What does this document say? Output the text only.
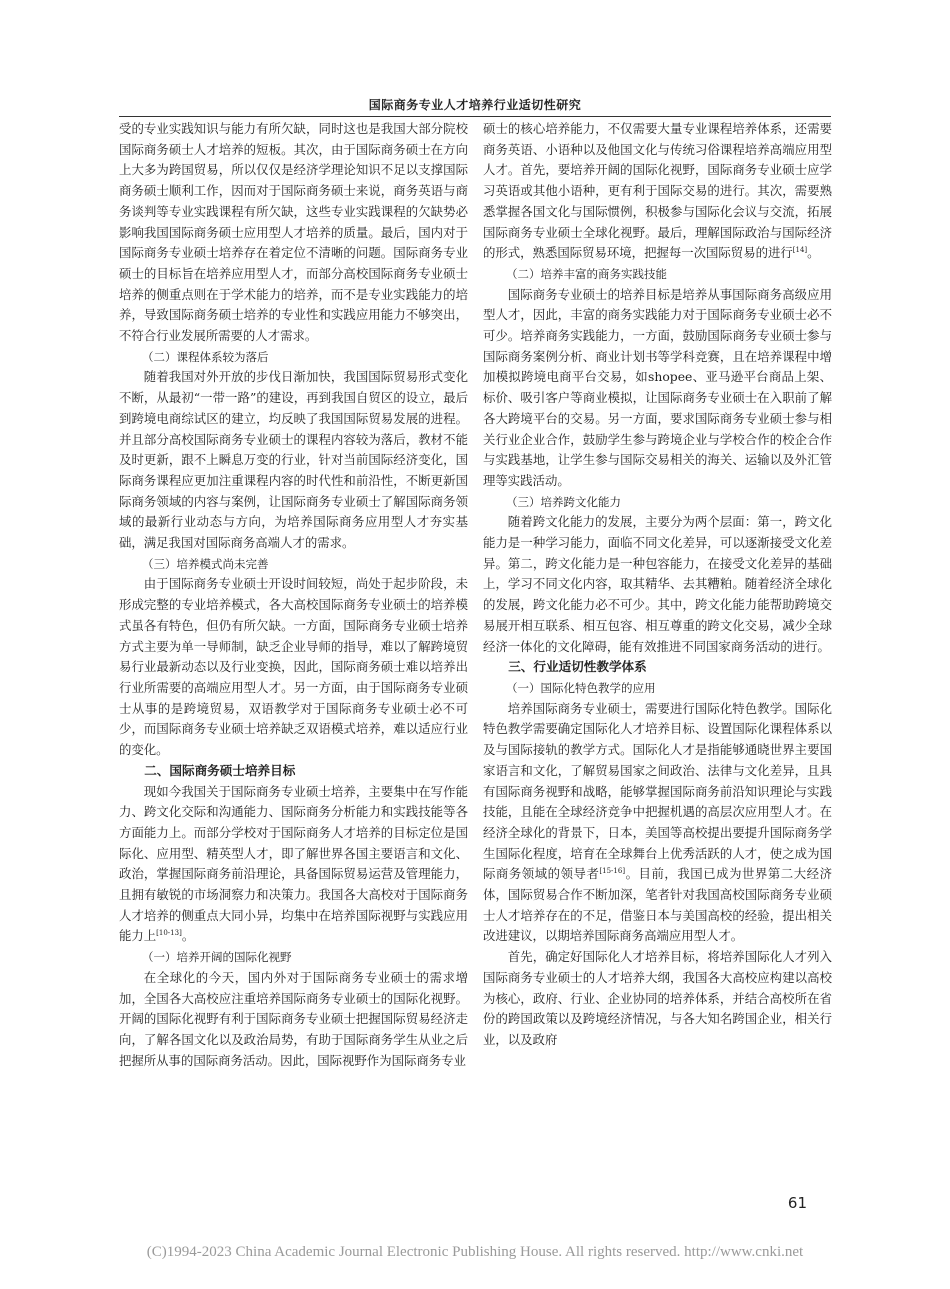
国际商务专业人才培养行业适切性研究

受的专业实践知识与能力有所欠缺，同时这也是我国大部分院校国际商务硕士人才培养的短板。其次，由于国际商务硕士在方向上大多为跨国贸易，所以仅仅是经济学理论知识不足以支撑国际商务硕士顺利工作，因而对于国际商务硕士来说，商务英语与商务谈判等专业实践课程有所欠缺，这些专业实践课程的欠缺势必影响我国国际商务硕士应用型人才培养的质量。最后，国内对于国际商务专业硕士培养存在着定位不清晰的问题。国际商务专业硕士的目标旨在培养应用型人才，而部分高校国际商务专业硕士培养的侧重点则在于学术能力的培养，而不是专业实践能力的培养，导致国际商务硕士培养的专业性和实践应用能力不够突出，不符合行业发展所需要的人才需求。

（二）课程体系较为落后

随着我国对外开放的步伐日渐加快，我国国际贸易形式变化不断，从最初“一带一路”的建设，再到我国自贸区的设立，最后到跨境电商综试区的建立，均反映了我国国际贸易发展的进程。并且部分高校国际商务专业硕士的课程内容较为落后，教材不能及时更新，跟不上瞬息万变的行业，针对当前国际经济变化，国际商务课程应更加注重课程内容的时代性和前沿性，不断更新国际商务领域的内容与案例，让国际商务专业硕士了解国际商务领域的最新行业动态与方向，为培养国际商务应用型人才夯实基础，满足我国对国际商务高端人才的需求。

（三）培养模式尚未完善

由于国际商务专业硕士开设时间较短，尚处于起步阶段，未形成完整的专业培养模式，各大高校国际商务专业硕士的培养模式虽各有特色，但仍有所欠缺。一方面，国际商务专业硕士培养方式主要为单一导师制，缺乏企业导师的指导，难以了解跨境贸易行业最新动态以及行业变换，因此，国际商务硕士难以培养出行业所需要的高端应用型人才。另一方面，由于国际商务专业硕士从事的是跨境贸易，双语教学对于国际商务专业硕士必不可少，而国际商务专业硕士培养缺乏双语模式培养，难以适应行业的变化。

二、国际商务硕士培养目标

现如今我国关于国际商务专业硕士培养，主要集中在写作能力、跨文化交际和沟通能力、国际商务分析能力和实践技能等各方面能力上。而部分学校对于国际商务人才培养的目标定位是国际化、应用型、精英型人才，即了解世界各国主要语言和文化、政治，掌握国际商务前沿理论，具备国际贸易运营及管理能力，且拥有敏锐的市场洞察力和决策力。我国各大高校对于国际商务人才培养的侧重点大同小异，均集中在培养国际视野与实践应用能力上[10-13]。

（一）培养开阔的国际化视野

在全球化的今天，国内外对于国际商务专业硕士的需求增加，全国各大高校应注重培养国际商务专业硕士的国际化视野。开阔的国际化视野有利于国际商务专业硕士把握国际贸易经济走向，了解各国文化以及政治局势，有助于国际商务学生从业之后把握所从事的国际商务活动。因此，国际视野作为国际商务专业

硕士的核心培养能力，不仅需要大量专业课程培养体系，还需要商务英语、小语种以及他国文化与传统习俗课程培养高端应用型人才。首先，要培养开阔的国际化视野，国际商务专业硕士应学习英语或其他小语种，更有利于国际交易的进行。其次，需要熟悉掌握各国文化与国际惯例，积极参与国际化会议与交流，拓展国际商务专业硕士全球化视野。最后，理解国际政治与国际经济的形式，熟悉国际贸易环境，把握每一次国际贸易的进行[14]。

（二）培养丰富的商务实践技能

国际商务专业硕士的培养目标是培养从事国际商务高级应用型人才，因此，丰富的商务实践能力对于国际商务专业硕士必不可少。培养商务实践能力，一方面，鼓励国际商务专业硕士参与国际商务案例分析、商业计划书等学科竞赛，且在培养课程中增加模拟跨境电商平台交易，如shopee、亚马逊平台商品上架、标价、吸引客户等商业模拟，让国际商务专业硕士在入职前了解各大跨境平台的交易。另一方面，要求国际商务专业硕士参与相关行业企业合作，鼓励学生参与跨境企业与学校合作的校企合作与实践基地，让学生参与国际交易相关的海关、运输以及外汇管理等实践活动。

（三）培养跨文化能力

随着跨文化能力的发展，主要分为两个层面：第一，跨文化能力是一种学习能力，面临不同文化差异，可以逐渐接受文化差异。第二，跨文化能力是一种包容能力，在接受文化差异的基础上，学习不同文化内容，取其精华、去其糟粕。随着经济全球化的发展，跨文化能力必不可少。其中，跨文化能力能帮助跨境交易展开相互联系、相互包容、相互尊重的跨文化交易，减少全球经济一体化的文化障碍，能有效推进不同国家商务活动的进行。

三、行业适切性教学体系

（一）国际化特色教学的应用

培养国际商务专业硕士，需要进行国际化特色教学。国际化特色教学需要确定国际化人才培养目标、设置国际化课程体系以及与国际接轨的教学方式。国际化人才是指能够通晓世界主要国家语言和文化，了解贸易国家之间政治、法律与文化差异，且具有国际商务视野和战略，能够掌握国际商务前沿知识理论与实践技能，且能在全球经济竞争中把握机遇的高层次应用型人才。在经济全球化的背景下，日本，美国等高校提出要提升国际商务学生国际化程度，培育在全球舞台上优秀活跃的人才，使之成为国际商务领域的领导者[15-16]。目前，我国已成为世界第二大经济体，国际贸易合作不断加深，笔者针对我国高校国际商务专业硕士人才培养存在的不足，借鉴日本与美国高校的经验，提出相关改进建议，以期培养国际商务高端应用型人才。

首先，确定好国际化人才培养目标，将培养国际化人才列入国际商务专业硕士的人才培养大纲，我国各大高校应构建以高校为核心，政府、行业、企业协同的培养体系，并结合高校所在省份的跨国政策以及跨境经济情况，与各大知名跨国企业，相关行业，以及政府

61
(C)1994-2023 China Academic Journal Electronic Publishing House. All rights reserved. http://www.cnki.net
